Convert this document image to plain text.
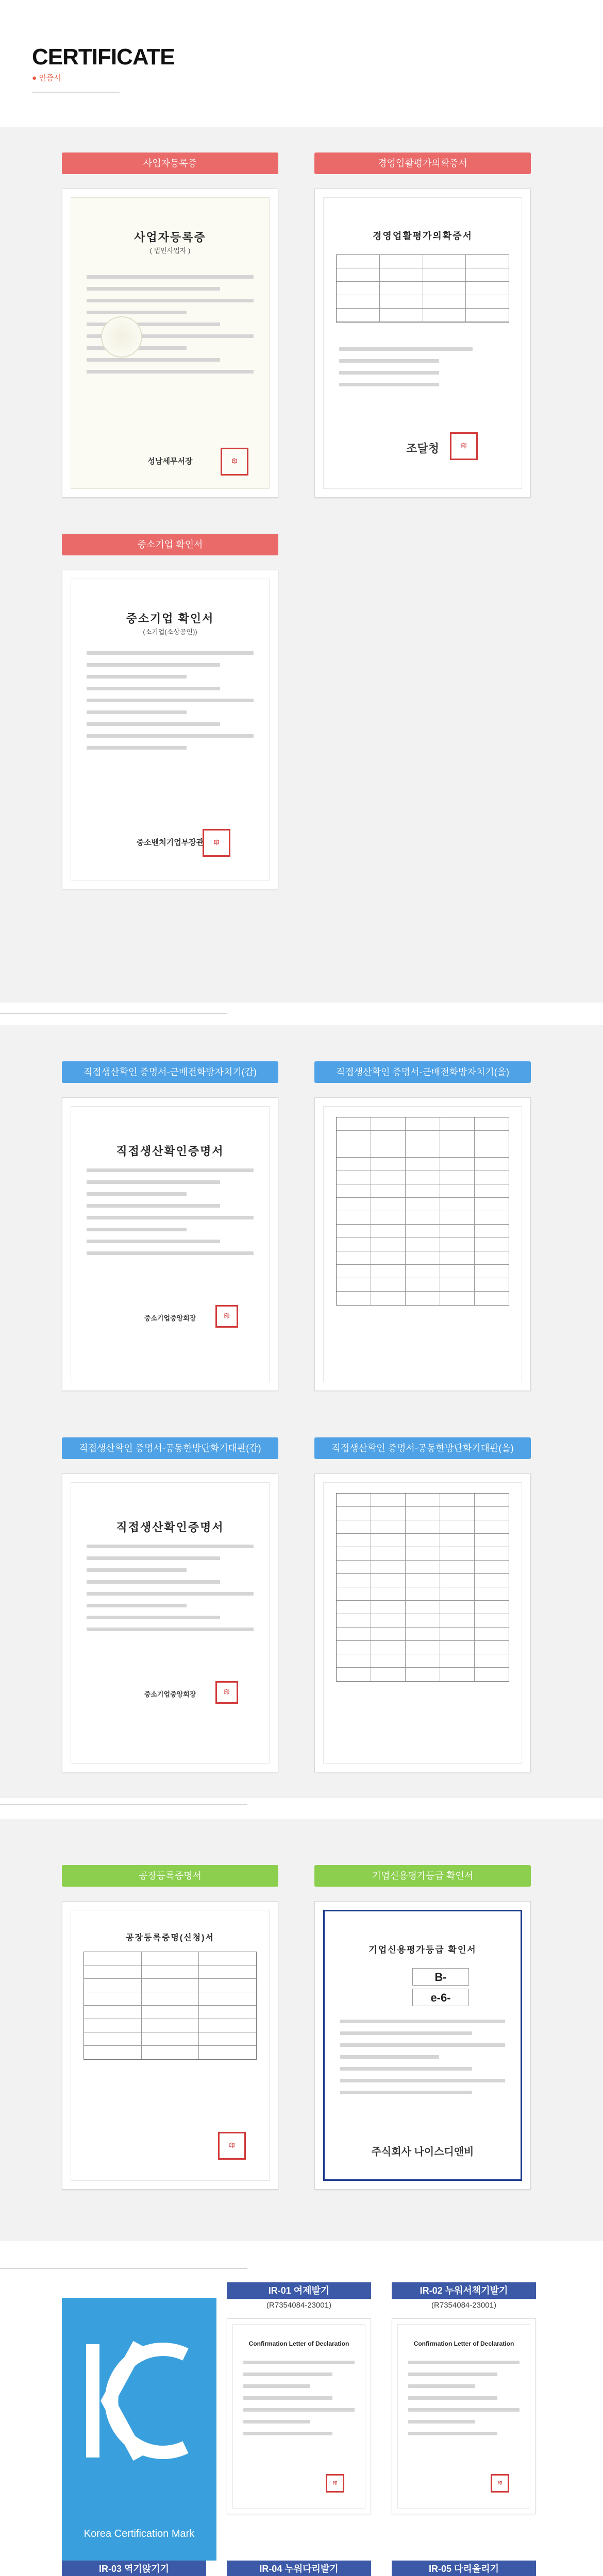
CERTIFICATE
● 인증서
사업자등록증	경영업활평가의확증서
사업자등록증
( 법인사업자 )
성남세무서장	印
경영업활평가의확증서
조달청	印
중소기업 확인서
중소기업 확인서
(소기업(소상공인))
중소벤처기업부장관	印
직접생산확인 증명서-근배전화방자치기(갑)	직접생산확인 증명서-근배전화방자치기(을)
직접생산확인증명서
중소기업중앙회장	印
직접생산확인 증명서-공동한방단화기대판(갑)	직접생산확인 증명서-공동한방단화기대판(을)
직접생산확인증명서
중소기업중앙회장	印
공장등록증명서	기업신용평가등급 확인서
공장등록증명(신청)서
印
기업신용평가등급 확인서
B-
e-6-
주식회사 나이스디앤비
Korea Certification Mark
IR-01 여제발기
(R7354084-23001)
Confirmation Letter of Declaration
印
IR-02 누워서책기발기
(R7354084-23001)
Confirmation Letter of Declaration
印
IR-03 역기앉기기	IR-04 누워다리발기	IR-05 다리올리기
